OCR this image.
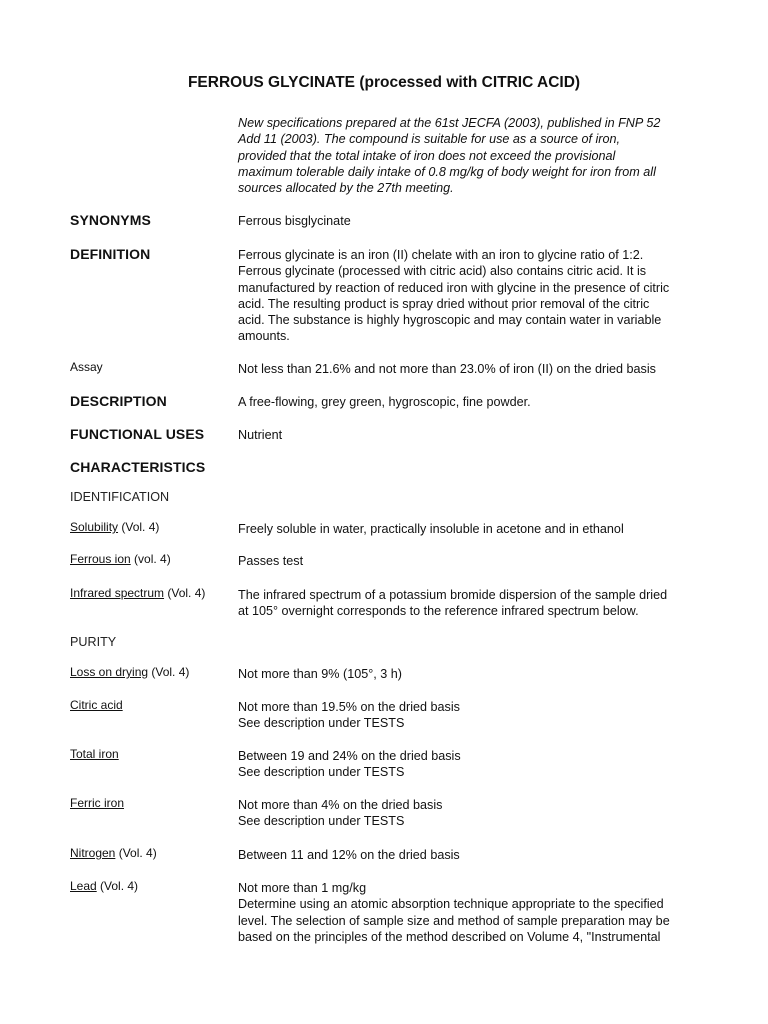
FERROUS GLYCINATE (processed with CITRIC ACID)
New specifications prepared at the 61st JECFA (2003), published in FNP 52
Add 11 (2003). The compound is suitable for use as a source of iron,
provided that the total intake of iron does not exceed the provisional
maximum tolerable daily intake of 0.8 mg/kg of body weight for iron from all
sources allocated by the 27th meeting.
SYNONYMS	Ferrous bisglycinate
DEFINITION	Ferrous glycinate is an iron (II) chelate with an iron to glycine ratio of 1:2.
Ferrous glycinate (processed with citric acid) also contains citric acid. It is
manufactured by reaction of reduced iron with glycine in the presence of citric
acid. The resulting product is spray dried without prior removal of the citric
acid. The substance is highly hygroscopic and may contain water in variable
amounts.
Assay	Not less than 21.6% and not more than 23.0% of iron (II) on the dried basis
DESCRIPTION	A free-flowing, grey green, hygroscopic, fine powder.
FUNCTIONAL USES	Nutrient
CHARACTERISTICS
IDENTIFICATION
Solubility (Vol. 4)	Freely soluble in water, practically insoluble in acetone and in ethanol
Ferrous ion (vol. 4)	Passes test
Infrared spectrum (Vol. 4)	The infrared spectrum of a potassium bromide dispersion of the sample dried
at 105° overnight corresponds to the reference infrared spectrum below.
PURITY
Loss on drying (Vol. 4)	Not more than 9% (105°, 3 h)
Citric acid	Not more than 19.5% on the dried basis
See description under TESTS
Total iron	Between 19 and 24% on the dried basis
See description under TESTS
Ferric iron	Not more than 4% on the dried basis
See description under TESTS
Nitrogen (Vol. 4)	Between 11 and 12% on the dried basis
Lead (Vol. 4)	Not more than 1 mg/kg
Determine using an atomic absorption technique appropriate to the specified
level. The selection of sample size and method of sample preparation may be
based on the principles of the method described on Volume 4, "Instrumental
